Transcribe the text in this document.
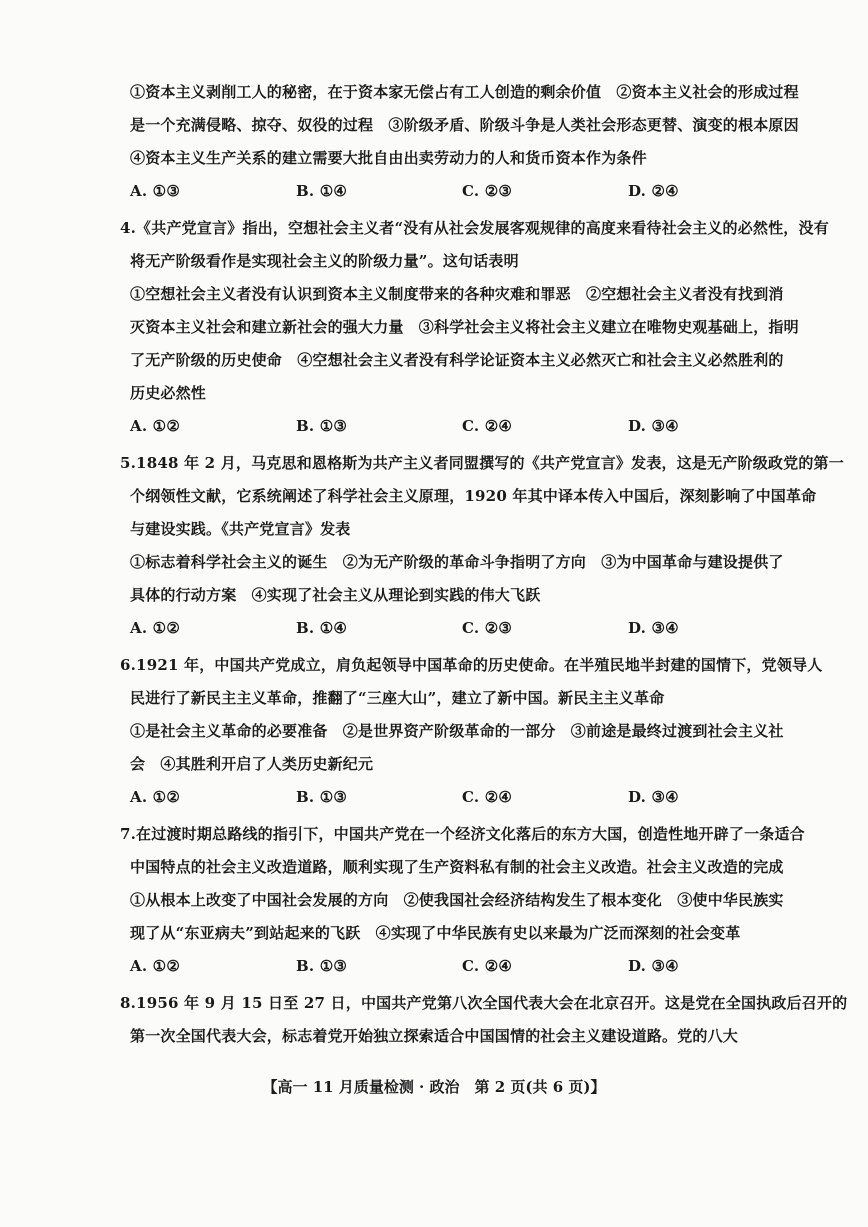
①资本主义剥削工人的秘密，在于资本家无偿占有工人创造的剩余价值　②资本主义社会的形成过程
是一个充满侵略、掠夺、奴役的过程　③阶级矛盾、阶级斗争是人类社会形态更替、演变的根本原因
④资本主义生产关系的建立需要大批自由出卖劳动力的人和货币资本作为条件
A. ①③	B. ①④	C. ②③	D. ②④
4.《共产党宣言》指出，空想社会主义者“没有从社会发展客观规律的高度来看待社会主义的必然性，没有
将无产阶级看作是实现社会主义的阶级力量”。这句话表明
①空想社会主义者没有认识到资本主义制度带来的各种灾难和罪恶　②空想社会主义者没有找到消
灭资本主义社会和建立新社会的强大力量　③科学社会主义将社会主义建立在唯物史观基础上，指明
了无产阶级的历史使命　④空想社会主义者没有科学论证资本主义必然灭亡和社会主义必然胜利的
历史必然性
A. ①②	B. ①③	C. ②④	D. ③④
5.1848 年 2 月，马克思和恩格斯为共产主义者同盟撰写的《共产党宣言》发表，这是无产阶级政党的第一
个纲领性文献，它系统阐述了科学社会主义原理，1920 年其中译本传入中国后，深刻影响了中国革命
与建设实践。《共产党宣言》发表
①标志着科学社会主义的诞生　②为无产阶级的革命斗争指明了方向　③为中国革命与建设提供了
具体的行动方案　④实现了社会主义从理论到实践的伟大飞跃
A. ①②	B. ①④	C. ②③	D. ③④
6.1921 年，中国共产党成立，肩负起领导中国革命的历史使命。在半殖民地半封建的国情下，党领导人
民进行了新民主主义革命，推翻了“三座大山”，建立了新中国。新民主主义革命
①是社会主义革命的必要准备　②是世界资产阶级革命的一部分　③前途是最终过渡到社会主义社
会　④其胜利开启了人类历史新纪元
A. ①②	B. ①③	C. ②④	D. ③④
7.在过渡时期总路线的指引下，中国共产党在一个经济文化落后的东方大国，创造性地开辟了一条适合
中国特点的社会主义改造道路，顺利实现了生产资料私有制的社会主义改造。社会主义改造的完成
①从根本上改变了中国社会发展的方向　②使我国社会经济结构发生了根本变化　③使中华民族实
现了从“东亚病夫”到站起来的飞跃　④实现了中华民族有史以来最为广泛而深刻的社会变革
A. ①②	B. ①③	C. ②④	D. ③④
8.1956 年 9 月 15 日至 27 日，中国共产党第八次全国代表大会在北京召开。这是党在全国执政后召开的
第一次全国代表大会，标志着党开始独立探索适合中国国情的社会主义建设道路。党的八大
【高一 11 月质量检测 · 政治　第 2 页(共 6 页)】
